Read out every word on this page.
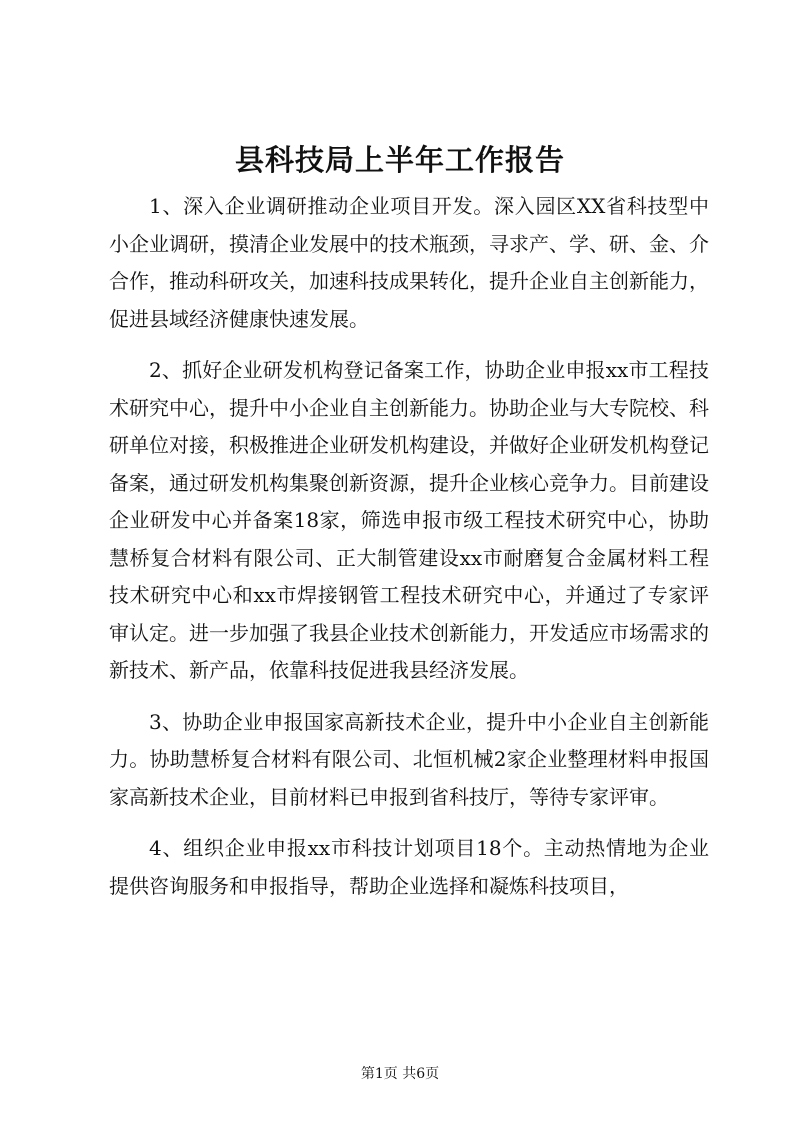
县科技局上半年工作报告

1、深入企业调研推动企业项目开发。深入园区XX省科技型中小企业调研，摸清企业发展中的技术瓶颈，寻求产、学、研、金、介合作，推动科研攻关，加速科技成果转化，提升企业自主创新能力，促进县域经济健康快速发展。

2、抓好企业研发机构登记备案工作，协助企业申报xx市工程技术研究中心，提升中小企业自主创新能力。协助企业与大专院校、科研单位对接，积极推进企业研发机构建设，并做好企业研发机构登记备案，通过研发机构集聚创新资源，提升企业核心竞争力。目前建设企业研发中心并备案18家，筛选申报市级工程技术研究中心，协助慧桥复合材料有限公司、正大制管建设xx市耐磨复合金属材料工程技术研究中心和xx市焊接钢管工程技术研究中心，并通过了专家评审认定。进一步加强了我县企业技术创新能力，开发适应市场需求的新技术、新产品，依靠科技促进我县经济发展。

3、协助企业申报国家高新技术企业，提升中小企业自主创新能力。协助慧桥复合材料有限公司、北恒机械2家企业整理材料申报国家高新技术企业，目前材料已申报到省科技厅，等待专家评审。

4、组织企业申报xx市科技计划项目18个。主动热情地为企业提供咨询服务和申报指导，帮助企业选择和凝炼科技项目，

第1页 共6页
